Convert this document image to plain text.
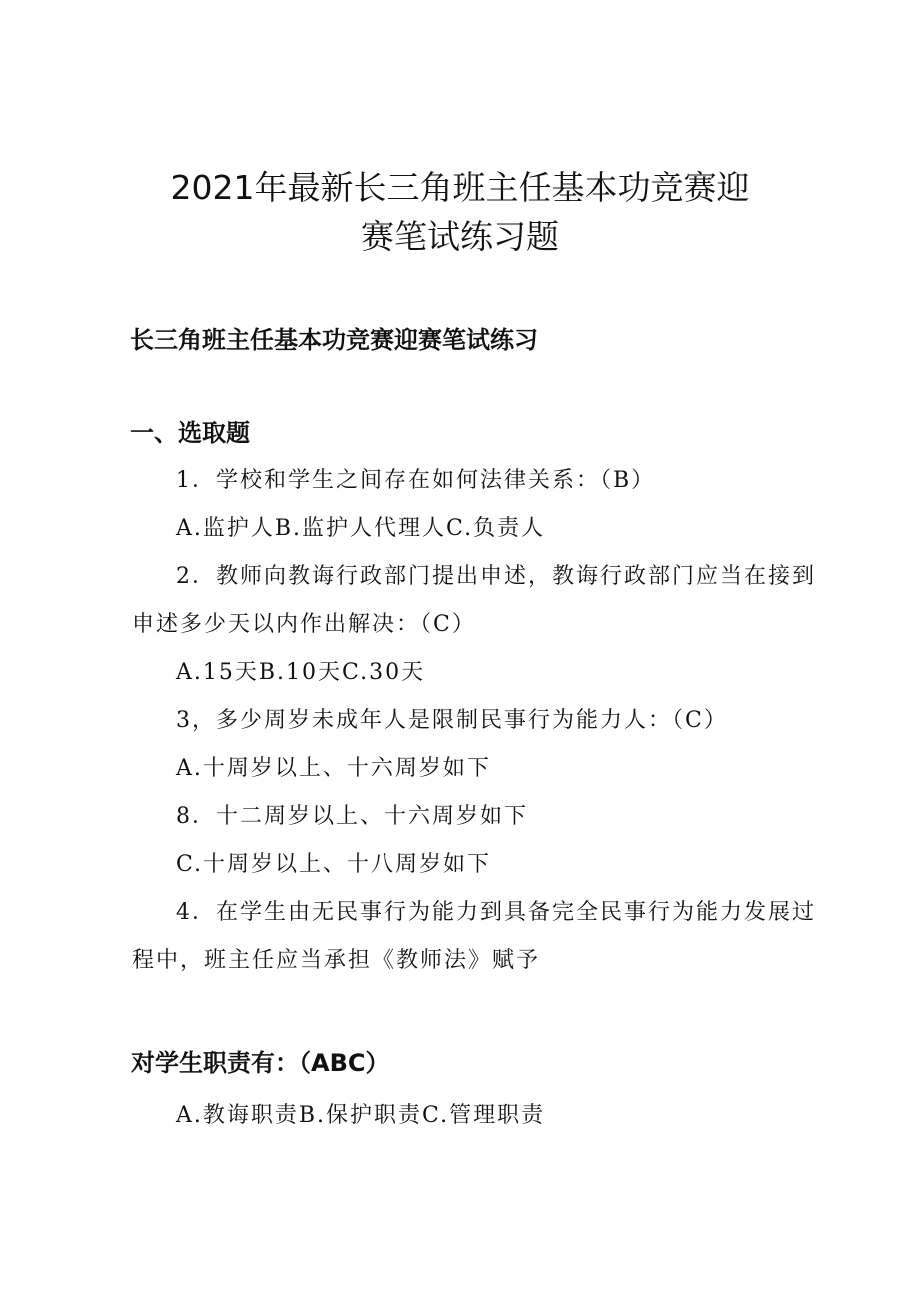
2021年最新长三角班主任基本功竞赛迎
赛笔试练习题
长三角班主任基本功竞赛迎赛笔试练习
一、选取题
1．学校和学生之间存在如何法律关系：（B）
A.监护人B.监护人代理人C.负责人
2．教师向教诲行政部门提出申述，教诲行政部门应当在接到
申述多少天以内作出解决：（C）
A.15天B.10天C.30天
3，多少周岁未成年人是限制民事行为能力人：（C）
A.十周岁以上、十六周岁如下
8．十二周岁以上、十六周岁如下
C.十周岁以上、十八周岁如下
4．在学生由无民事行为能力到具备完全民事行为能力发展过
程中，班主任应当承担《教师法》赋予
对学生职责有：（ABC）
A.教诲职责B.保护职责C.管理职责
